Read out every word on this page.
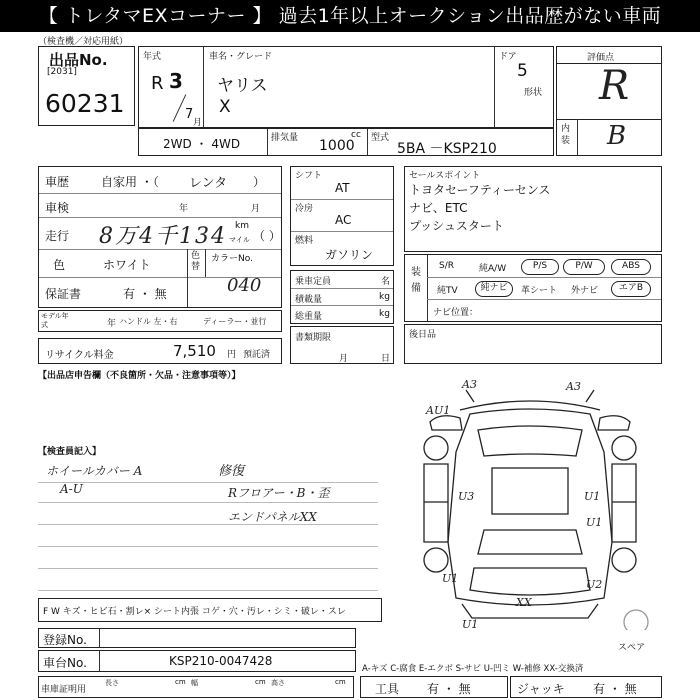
【 トレタマEXコーナー 】 過去1年以上オークション出品歴がない車両
（検査機／対応用紙）
出品No.
[2031]
60231
年式
R 3
7
月
車名・グレード
ヤリス
X
ドア
5
形状
評価点
R
内装 B
2WD ・ 4WD	排気量	cc
1000 型式
5BA －KSP210
車歴	自家用 ・（ レンタ ）
車検	年	月
走行 8万4千134 km
マイル （ ）
色	ホワイト
色替
カラーNo.
040
保証書	有 ・ 無
モデル年式	年 ハンドル 左・右	ディーラー・並行
リサイクル料金	7,510 円 預託済
シフト
AT
冷房
AC
燃料
ガソリン
乗車定員	名
積載量	kg
総重量	kg
書類期限
月	日
セールスポイント
トヨタセーフティーセンス
ナビ、ETC
プッシュスタート
装備
S/R	純A/W	P/S	P/W	ABS
純TV	純ナビ	革シート 外ナビ	エアB
ナビ位置：
後日品
【出品店申告欄（不良箇所・欠品・注意事項等）】
【検査員記入】
ホイールカバー A
A-U
修復
Rフロアー・B・歪
エンドパネルXX
A3	A3
AU1
U3	U1
U1
U1	U2
XX
U1
スペア
F W キズ・ヒビ石・割レ× シート内張 コゲ・穴・汚レ・シミ・破レ・スレ
登録No.
車台No.	KSP210-0047428
A-キズ C-腐食 E-エクボ S-サビ U-凹ミ W-補修 XX-交換済
車庫証明用
長さ	cm 幅	cm 高さ	cm 工具 有 ・ 無	ジャッキ 有 ・ 無
